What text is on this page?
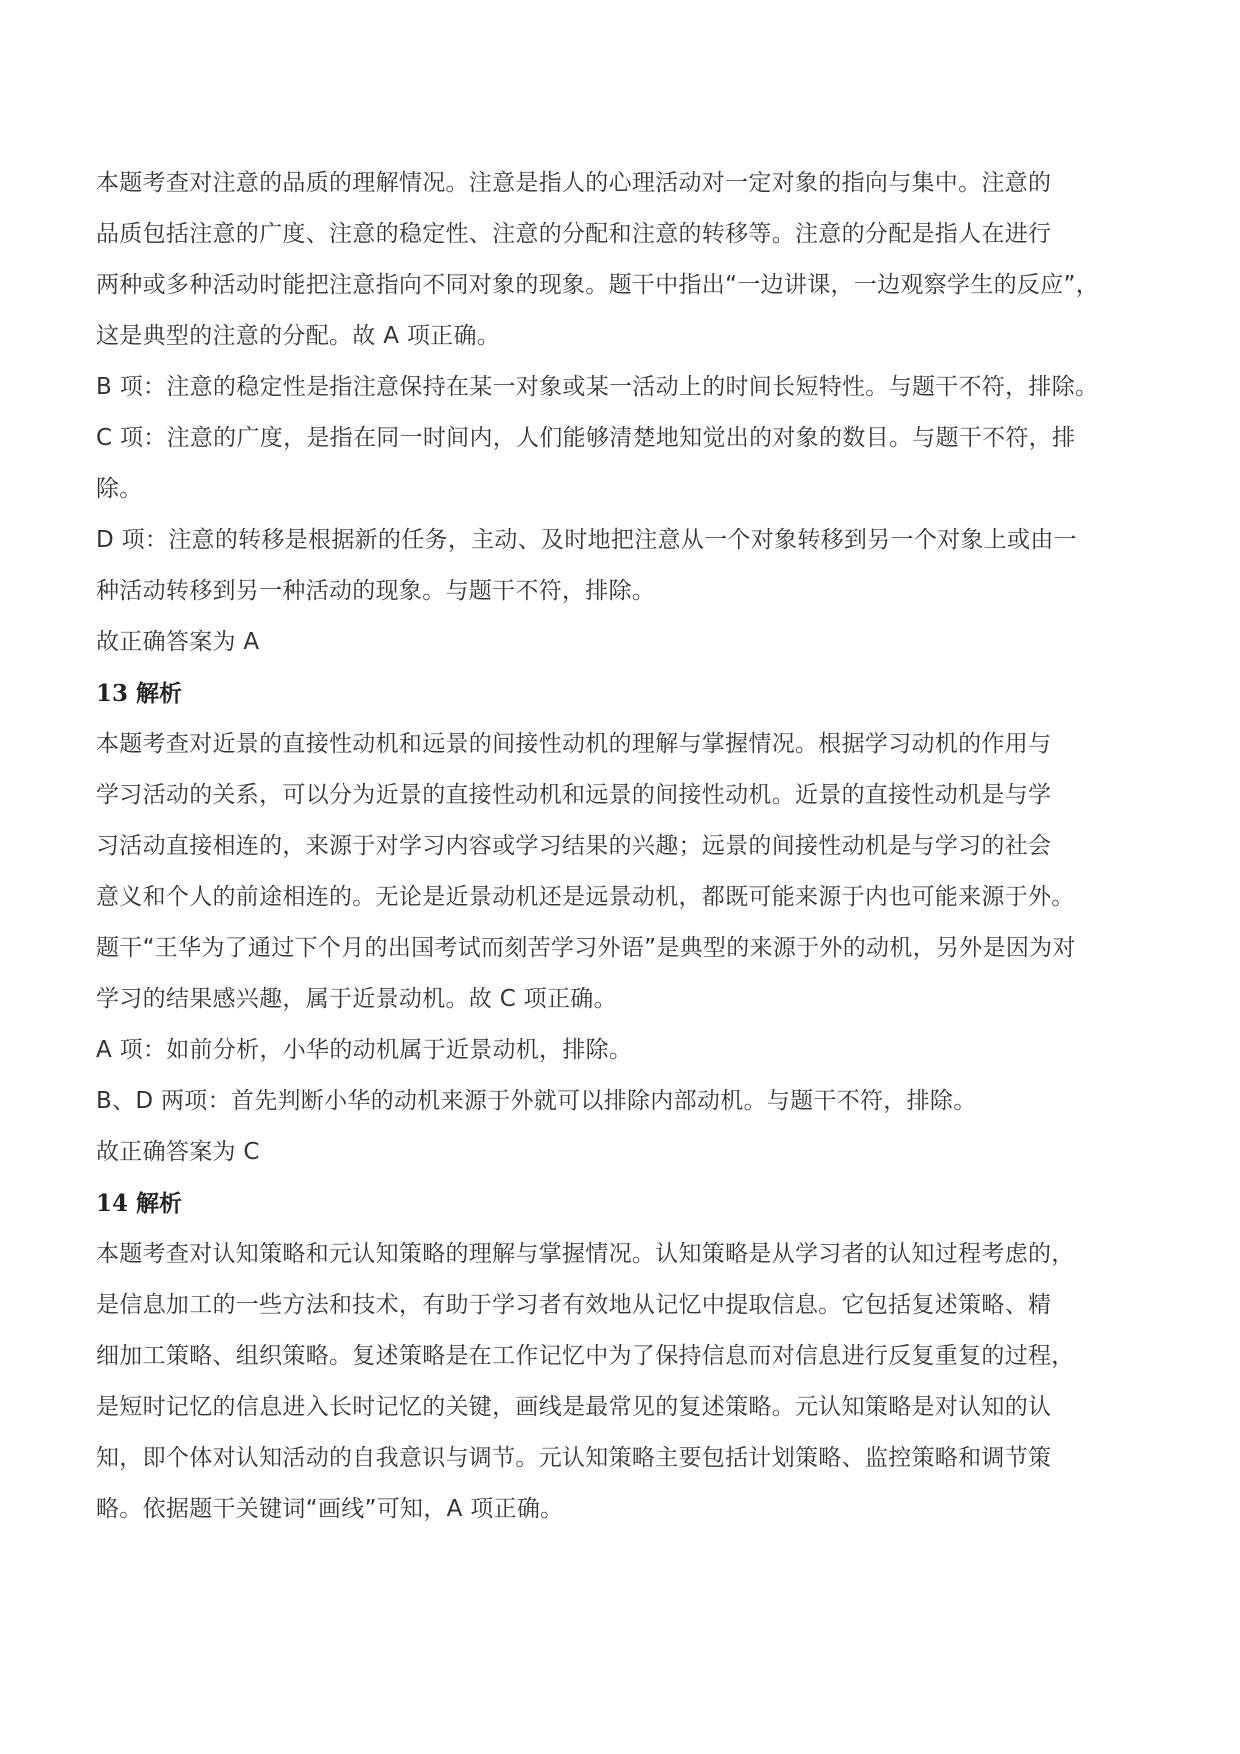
本题考查对注意的品质的理解情况。注意是指人的心理活动对一定对象的指向与集中。注意的
品质包括注意的广度、注意的稳定性、注意的分配和注意的转移等。注意的分配是指人在进行
两种或多种活动时能把注意指向不同对象的现象。题干中指出“一边讲课，一边观察学生的反应”，
这是典型的注意的分配。故 A 项正确。
B 项：注意的稳定性是指注意保持在某一对象或某一活动上的时间长短特性。与题干不符，排除。
C 项：注意的广度，是指在同一时间内，人们能够清楚地知觉出的对象的数目。与题干不符，排
除。
D 项：注意的转移是根据新的任务，主动、及时地把注意从一个对象转移到另一个对象上或由一
种活动转移到另一种活动的现象。与题干不符，排除。
故正确答案为 A
13 解析
本题考查对近景的直接性动机和远景的间接性动机的理解与掌握情况。根据学习动机的作用与
学习活动的关系，可以分为近景的直接性动机和远景的间接性动机。近景的直接性动机是与学
习活动直接相连的，来源于对学习内容或学习结果的兴趣；远景的间接性动机是与学习的社会
意义和个人的前途相连的。无论是近景动机还是远景动机，都既可能来源于内也可能来源于外。
题干“王华为了通过下个月的出国考试而刻苦学习外语”是典型的来源于外的动机，另外是因为对
学习的结果感兴趣，属于近景动机。故 C 项正确。
A 项：如前分析，小华的动机属于近景动机，排除。
B、D 两项：首先判断小华的动机来源于外就可以排除内部动机。与题干不符，排除。
故正确答案为 C
14 解析
本题考查对认知策略和元认知策略的理解与掌握情况。认知策略是从学习者的认知过程考虑的，
是信息加工的一些方法和技术，有助于学习者有效地从记忆中提取信息。它包括复述策略、精
细加工策略、组织策略。复述策略是在工作记忆中为了保持信息而对信息进行反复重复的过程，
是短时记忆的信息进入长时记忆的关键，画线是最常见的复述策略。元认知策略是对认知的认
知，即个体对认知活动的自我意识与调节。元认知策略主要包括计划策略、监控策略和调节策
略。依据题干关键词“画线”可知，A 项正确。
